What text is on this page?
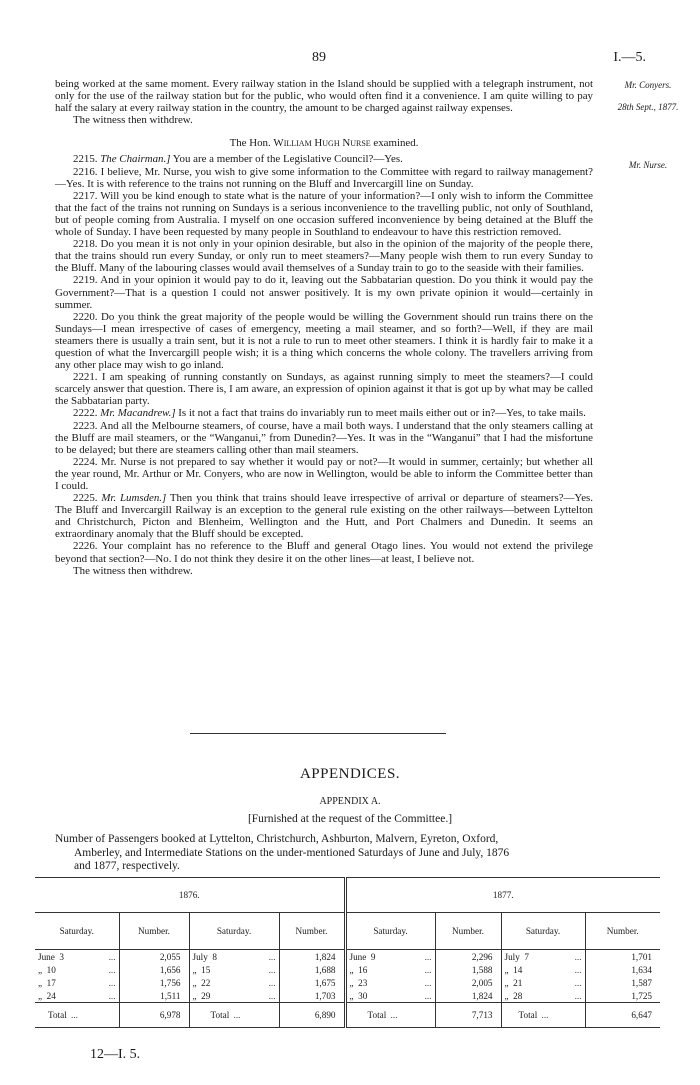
89	I.—5.
Mr. Conyers.
28th Sept., 1877.
Mr. Nurse.

being worked at the same moment. Every railway station in the Island should be supplied with a telegraph instrument, not only for the use of the railway station but for the public, who would often find it a convenience. I am quite willing to pay half the salary at every railway station in the country, the amount to be charged against railway expenses.

The witness then withdrew.

The Hon. William Hugh Nurse examined.

2215. The Chairman.] You are a member of the Legislative Council?—Yes.

2216. I believe, Mr. Nurse, you wish to give some information to the Committee with regard to railway management?—Yes. It is with reference to the trains not running on the Bluff and Invercargill line on Sunday.

2217. Will you be kind enough to state what is the nature of your information?—I only wish to inform the Committee that the fact of the trains not running on Sundays is a serious inconvenience to the travelling public, not only of Southland, but of people coming from Australia. I myself on one occasion suffered inconvenience by being detained at the Bluff the whole of Sunday. I have been requested by many people in Southland to endeavour to have this restriction removed.

2218. Do you mean it is not only in your opinion desirable, but also in the opinion of the majority of the people there, that the trains should run every Sunday, or only run to meet steamers?—Many people wish them to run every Sunday to the Bluff. Many of the labouring classes would avail themselves of a Sunday train to go to the seaside with their families.

2219. And in your opinion it would pay to do it, leaving out the Sabbatarian question. Do you think it would pay the Government?—That is a question I could not answer positively. It is my own private opinion it would—certainly in summer.

2220. Do you think the great majority of the people would be willing the Government should run trains there on the Sundays—I mean irrespective of cases of emergency, meeting a mail steamer, and so forth?—Well, if they are mail steamers there is usually a train sent, but it is not a rule to run to meet other steamers. I think it is hardly fair to make it a question of what the Invercargill people wish; it is a thing which concerns the whole colony. The travellers arriving from any other place may wish to go inland.

2221. I am speaking of running constantly on Sundays, as against running simply to meet the steamers?—I could scarcely answer that question. There is, I am aware, an expression of opinion against it that is got up by what may be called the Sabbatarian party.

2222. Mr. Macandrew.] Is it not a fact that trains do invariably run to meet mails either out or in?—Yes, to take mails.

2223. And all the Melbourne steamers, of course, have a mail both ways. I understand that the only steamers calling at the Bluff are mail steamers, or the “Wanganui,” from Dunedin?—Yes. It was in the “Wanganui” that I had the misfortune to be delayed; but there are steamers calling other than mail steamers.

2224. Mr. Nurse is not prepared to say whether it would pay or not?—It would in summer, certainly; but whether all the year round, Mr. Arthur or Mr. Conyers, who are now in Wellington, would be able to inform the Committee better than I could.

2225. Mr. Lumsden.] Then you think that trains should leave irrespective of arrival or departure of steamers?—Yes. The Bluff and Invercargill Railway is an exception to the general rule existing on the other railways—between Lyttelton and Christchurch, Picton and Blenheim, Wellington and the Hutt, and Port Chalmers and Dunedin. It seems an extraordinary anomaly that the Bluff should be excepted.

2226. Your complaint has no reference to the Bluff and general Otago lines. You would not extend the privilege beyond that section?—No. I do not think they desire it on the other lines—at least, I believe not.

The witness then withdrew.

APPENDICES.
APPENDIX A.
[Furnished at the request of the Committee.]
Number of Passengers booked at Lyttelton, Christchurch, Ashburton, Malvern, Eyreton, Oxford,
Amberley, and Intermediate Stations on the under-mentioned Saturdays of June and July, 1876
and 1877, respectively.
1876.				1877.			
Saturday.	Number.	Saturday.	Number.	Saturday.	Number.	Saturday.	Number.
June  3 ...	2,055	July  8 ...	1,824	June  9 ...	2,296	July  7 ...	1,701
„  10 ...	1,656	„  15 ...	1,688	„  16 ...	1,588	„  14 ...	1,634
„  17 ...	1,756	„  22 ...	1,675	„  23 ...	2,005	„  21 ...	1,587
„  24 ...	1,511	„  29 ...	1,703	„  30 ...	1,824	„  28 ...	1,725
Total ...	6,978	Total ...	6,890	Total ...	7,713	Total ...	6,647
12—I. 5.
